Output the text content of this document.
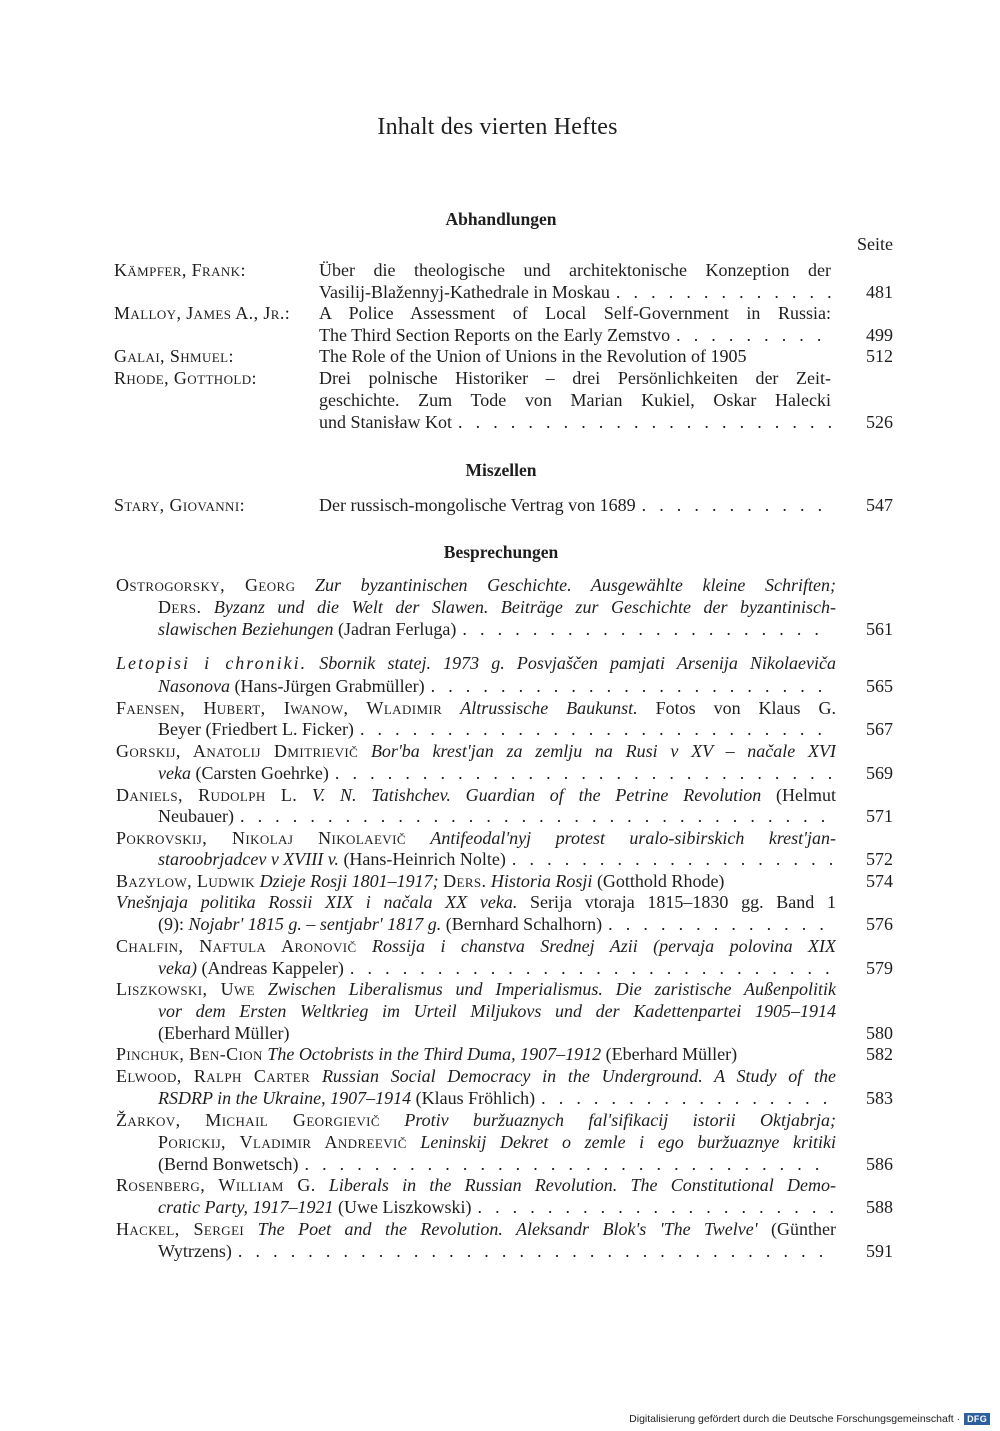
Inhalt des vierten Heftes
Abhandlungen
Seite
Kämpfer, Frank:	Über die theologische und architektonische Konzeption der
Vasilij-Blažennyj-Kathedrale in Moskau . . .	481
Malloy, James A., Jr.:	A Police Assessment of Local Self-Government in Russia:
The Third Section Reports on the Early Zemstvo . . .	499
Galai, Shmuel:	The Role of the Union of Unions in the Revolution of 1905	512
Rhode, Gotthold:	Drei polnische Historiker – drei Persönlichkeiten der Zeit-
geschichte. Zum Tode von Marian Kukiel, Oskar Halecki
und Stanisław Kot . . .	526
Miszellen
Stary, Giovanni:	Der russisch-mongolische Vertrag von 1689 . . .	547
Besprechungen
Ostrogorsky, Georg Zur byzantinischen Geschichte. Ausgewählte kleine Schriften;
Ders. Byzanz und die Welt der Slawen. Beiträge zur Geschichte der byzantinisch-
slawischen Beziehungen (Jadran Ferluga) . . .	561
Letopisi i chroniki. Sbornik statej. 1973 g. Posvjaščen pamjati Arsenija Nikolaeviča
Nasonova (Hans-Jürgen Grabmüller) . . .	565
Faensen, Hubert, Iwanow, Wladimir Altrussische Baukunst. Fotos von Klaus G.
Beyer (Friedbert L. Ficker) . . .	567
Gorskij, Anatolij Dmitrievič Bor'ba krest'jan za zemlju na Rusi v XV – načale XVI
veka (Carsten Goehrke) . . .	569
Daniels, Rudolph L. V. N. Tatishchev. Guardian of the Petrine Revolution (Helmut
Neubauer) . . .	571
Pokrovskij, Nikolaj Nikolaevič Antifeodal'nyj protest uralo-sibirskich krest'jan-
staroobrjadcev v XVIII v. (Hans-Heinrich Nolte) . . .	572
Bazylow, Ludwik Dzieje Rosji 1801–1917; Ders. Historia Rosji (Gotthold Rhode)	574
Vnešnjaja politika Rossii XIX i načala XX veka. Serija vtoraja 1815–1830 gg. Band 1
(9): Nojabr' 1815 g. – sentjabr' 1817 g. (Bernhard Schalhorn) . . .	576
Chalfin, Naftula Aronovič Rossija i chanstva Srednej Azii (pervaja polovina XIX
veka) (Andreas Kappeler) . . .	579
Liszkowski, Uwe Zwischen Liberalismus und Imperialismus. Die zaristische Außenpolitik
vor dem Ersten Weltkrieg im Urteil Miljukovs und der Kadettenpartei 1905–1914
(Eberhard Müller)	580
Pinchuk, Ben-Cion The Octobrists in the Third Duma, 1907–1912 (Eberhard Müller)	582
Elwood, Ralph Carter Russian Social Democracy in the Underground. A Study of the
RSDRP in the Ukraine, 1907–1914 (Klaus Fröhlich) . . .	583
Žarkov, Michail Georgievič Protiv buržuaznych fal'sifikacij istorii Oktjabrja;
Porickij, Vladimir Andreevič Leninskij Dekret o zemle i ego buržuaznye kritiki
(Bernd Bonwetsch) . . .	586
Rosenberg, William G. Liberals in the Russian Revolution. The Constitutional Demo-
cratic Party, 1917–1921 (Uwe Liszkowski) . . .	588
Hackel, Sergei The Poet and the Revolution. Aleksandr Blok's 'The Twelve' (Günther
Wytrzens) . . .	591
Digitalisierung gefördert durch die Deutsche Forschungsgemeinschaft · DFG
